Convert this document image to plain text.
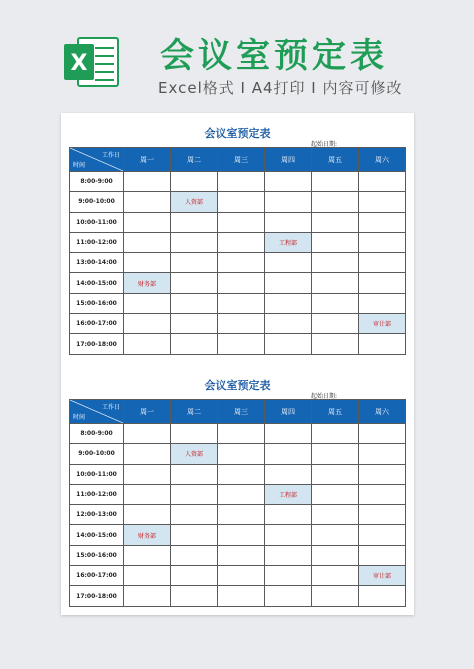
X 会议室预定表
Excel格式 I A4打印 I 内容可修改
会议室预定表
起始日期:
工作日
时间	周一	周二	周三	周四	周五	周六
8:00-9:00						
9:00-10:00		人资部				
10:00-11:00						
11:00-12:00				工程部		
13:00-14:00						
14:00-15:00	财务部					
15:00-16:00						
16:00-17:00						审计部
17:00-18:00						
会议室预定表
起始日期:
工作日
时间	周一	周二	周三	周四	周五	周六
8:00-9:00						
9:00-10:00		人资部				
10:00-11:00						
11:00-12:00				工程部		
12:00-13:00						
14:00-15:00	财务部					
15:00-16:00						
16:00-17:00						审计部
17:00-18:00						
